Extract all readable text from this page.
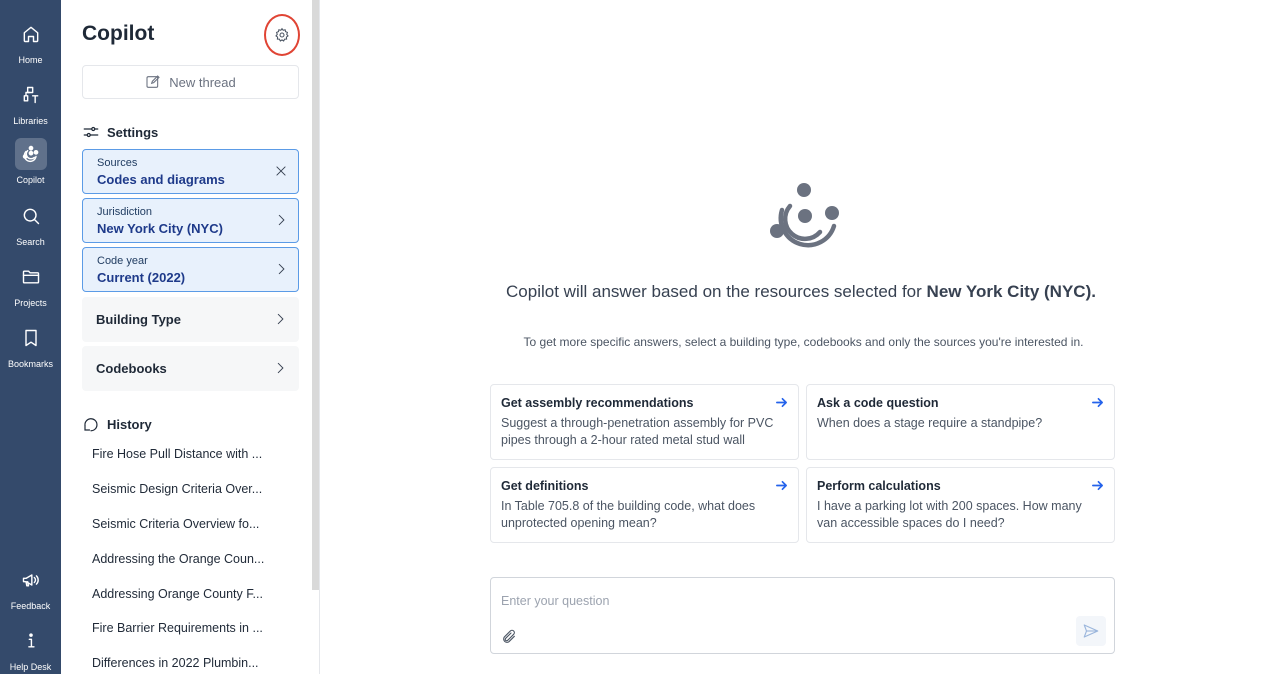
Home
Libraries
Copilot
Search
Projects
Bookmarks
Feedback
Help Desk
Copilot
New thread
Settings
Sources
Codes and diagrams
Jurisdiction
New York City (NYC)
Code year
Current (2022)
Building Type
Codebooks
History
Fire Hose Pull Distance with ...
Seismic Design Criteria Over...
Seismic Criteria Overview fo...
Addressing the Orange Coun...
Addressing Orange County F...
Fire Barrier Requirements in ...
Differences in 2022 Plumbin...
Copilot will answer based on the resources selected for New York City (NYC).
To get more specific answers, select a building type, codebooks and only the sources you're interested in.
Get assembly recommendations
Suggest a through-penetration assembly for PVC pipes through a 2-hour rated metal stud wall
Ask a code question
When does a stage require a standpipe?
Get definitions
In Table 705.8 of the building code, what does unprotected opening mean?
Perform calculations
I have a parking lot with 200 spaces. How many van accessible spaces do I need?
Enter your question
